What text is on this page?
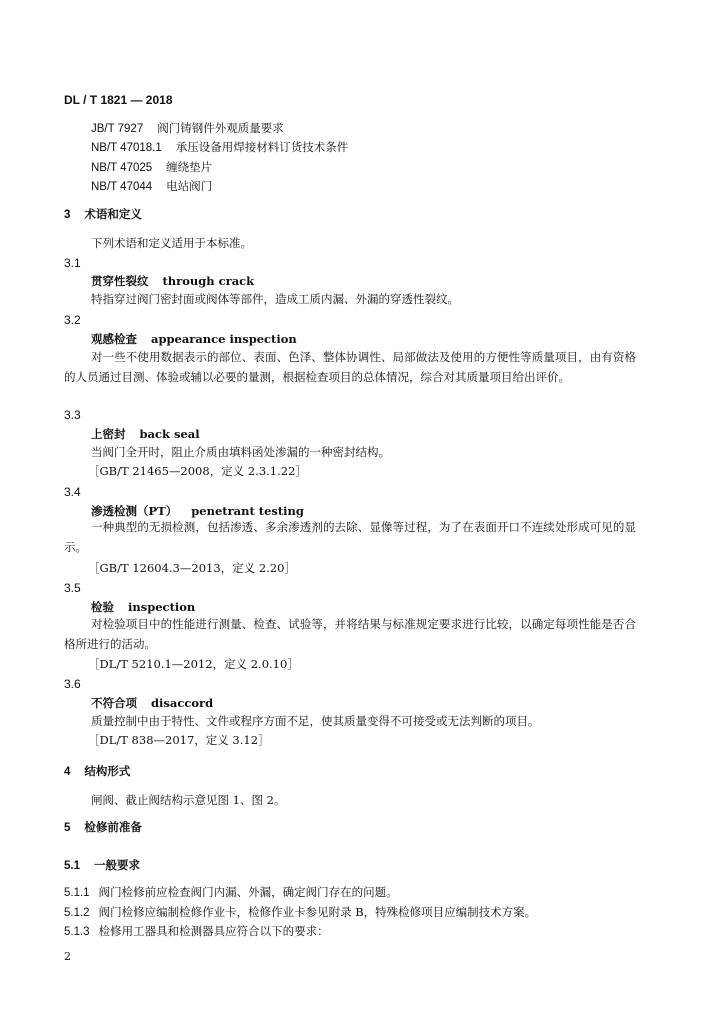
DL / T 1821 — 2018
JB/T 7927 阀门铸钢件外观质量要求
NB/T 47018.1 承压设备用焊接材料订货技术条件
NB/T 47025 缠绕垫片
NB/T 47044 电站阀门
3 术语和定义
下列术语和定义适用于本标准。
3.1
贯穿性裂纹 through crack
特指穿过阀门密封面或阀体等部件，造成工质内漏、外漏的穿透性裂纹。
3.2
观感检查 appearance inspection
对一些不使用数据表示的部位、表面、色泽、整体协调性、局部做法及使用的方便性等质量项目，由有资格的人员通过目测、体验或辅以必要的量测，根据检查项目的总体情况，综合对其质量项目给出评价。
3.3
上密封 back seal
当阀门全开时，阻止介质由填料函处渗漏的一种密封结构。
［GB/T 21465—2008，定义 2.3.1.22］
3.4
渗透检测（PT） penetrant testing
一种典型的无损检测，包括渗透、多余渗透剂的去除、显像等过程，为了在表面开口不连续处形成可见的显示。
［GB/T 12604.3—2013，定义 2.20］
3.5
检验 inspection
对检验项目中的性能进行测量、检查、试验等，并将结果与标准规定要求进行比较，以确定每项性能是否合格所进行的活动。
［DL/T 5210.1—2012，定义 2.0.10］
3.6
不符合项 disaccord
质量控制中由于特性、文件或程序方面不足，使其质量变得不可接受或无法判断的项目。
［DL/T 838—2017，定义 3.12］
4 结构形式
闸阀、截止阀结构示意见图 1、图 2。
5 检修前准备
5.1 一般要求
5.1.1 阀门检修前应检查阀门内漏、外漏，确定阀门存在的问题。
5.1.2 阀门检修应编制检修作业卡，检修作业卡参见附录 B，特殊检修项目应编制技术方案。
5.1.3 检修用工器具和检测器具应符合以下的要求：
2
